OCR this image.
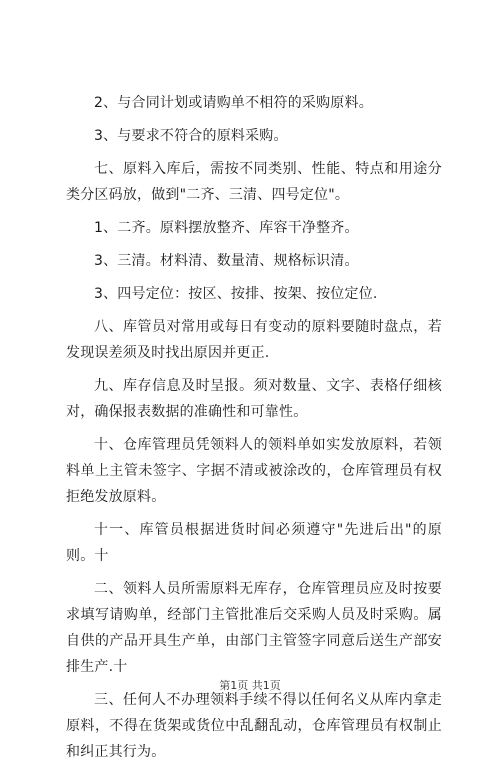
2、与合同计划或请购单不相符的采购原料。

3、与要求不符合的原料采购。

七、原料入库后，需按不同类别、性能、特点和用途分类分区码放，做到"二齐、三清、四号定位"。

1、二齐。原料摆放整齐、库容干净整齐。

3、三清。材料清、数量清、规格标识清。

3、四号定位：按区、按排、按架、按位定位.

八、库管员对常用或每日有变动的原料要随时盘点，若发现误差须及时找出原因并更正.

九、库存信息及时呈报。须对数量、文字、表格仔细核对，确保报表数据的准确性和可靠性。

十、仓库管理员凭领料人的领料单如实发放原料，若领料单上主管未签字、字据不清或被涂改的，仓库管理员有权拒绝发放原料。

十一、库管员根据进货时间必须遵守"先进后出"的原则。十

二、领料人员所需原料无库存，仓库管理员应及时按要求填写请购单，经部门主管批准后交采购人员及时采购。属自供的产品开具生产单，由部门主管签字同意后送生产部安排生产.十

三、任何人不办理领料手续不得以任何名义从库内拿走原料，不得在货架或货位中乱翻乱动，仓库管理员有权制止和纠正其行为。

第1页 共1页
